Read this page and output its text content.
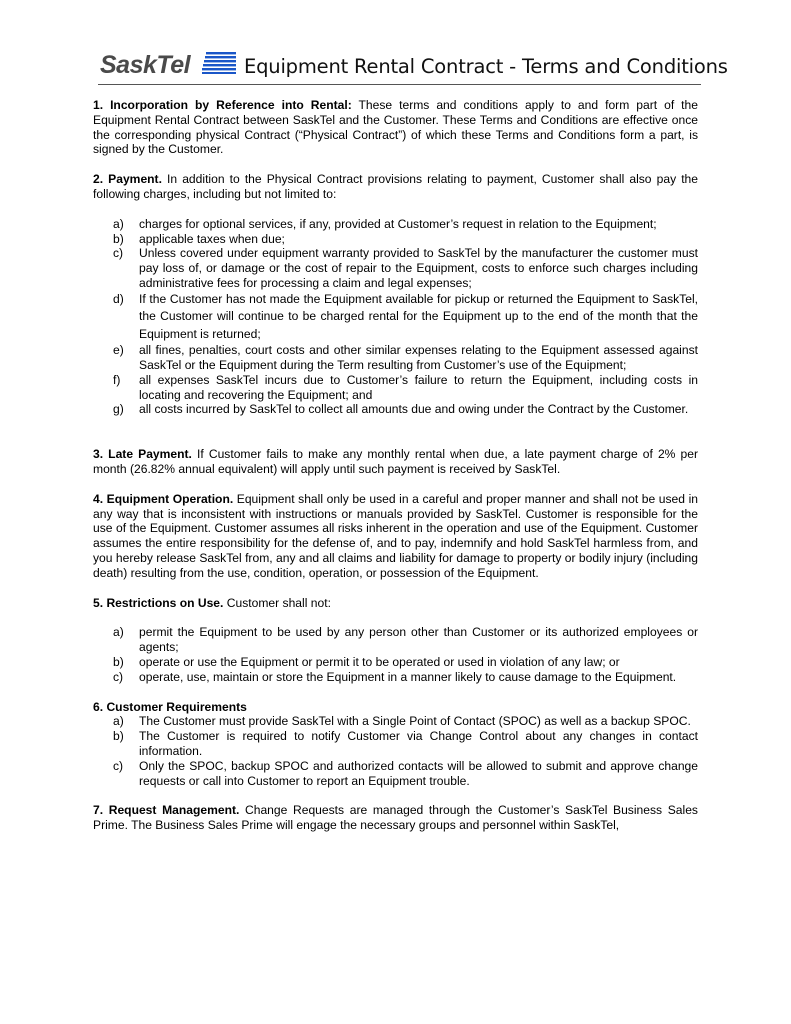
SaskTel	Equipment Rental Contract - Terms and Conditions

1. Incorporation by Reference into Rental: These terms and conditions apply to and form part of the Equipment Rental Contract between SaskTel and the Customer. These Terms and Conditions are effective once the corresponding physical Contract (“Physical Contract”) of which these Terms and Conditions form a part, is signed by the Customer.

2. Payment. In addition to the Physical Contract provisions relating to payment, Customer shall also pay the following charges, including but not limited to:

a) charges for optional services, if any, provided at Customer’s request in relation to the Equipment;
b) applicable taxes when due;
c) Unless covered under equipment warranty provided to SaskTel by the manufacturer the customer must pay loss of, or damage or the cost of repair to the Equipment, costs to enforce such charges including administrative fees for processing a claim and legal expenses;
d) If the Customer has not made the Equipment available for pickup or returned the Equipment to SaskTel, the Customer will continue to be charged rental for the Equipment up to the end of the month that the Equipment is returned;
e) all fines, penalties, court costs and other similar expenses relating to the Equipment assessed against SaskTel or the Equipment during the Term resulting from Customer’s use of the Equipment;
f) all expenses SaskTel incurs due to Customer’s failure to return the Equipment, including costs in locating and recovering the Equipment; and
g) all costs incurred by SaskTel to collect all amounts due and owing under the Contract by the Customer.

3. Late Payment. If Customer fails to make any monthly rental when due, a late payment charge of 2% per month (26.82% annual equivalent) will apply until such payment is received by SaskTel.

4. Equipment Operation. Equipment shall only be used in a careful and proper manner and shall not be used in any way that is inconsistent with instructions or manuals provided by SaskTel. Customer is responsible for the use of the Equipment. Customer assumes all risks inherent in the operation and use of the Equipment. Customer assumes the entire responsibility for the defense of, and to pay, indemnify and hold SaskTel harmless from, and you hereby release SaskTel from, any and all claims and liability for damage to property or bodily injury (including death) resulting from the use, condition, operation, or possession of the Equipment.

5. Restrictions on Use. Customer shall not:

a) permit the Equipment to be used by any person other than Customer or its authorized employees or agents;
b) operate or use the Equipment or permit it to be operated or used in violation of any law; or
c) operate, use, maintain or store the Equipment in a manner likely to cause damage to the Equipment.

6. Customer Requirements

a) The Customer must provide SaskTel with a Single Point of Contact (SPOC) as well as a backup SPOC.
b) The Customer is required to notify Customer via Change Control about any changes in contact information.
c) Only the SPOC, backup SPOC and authorized contacts will be allowed to submit and approve change requests or call into Customer to report an Equipment trouble.

7. Request Management. Change Requests are managed through the Customer’s SaskTel Business Sales Prime. The Business Sales Prime will engage the necessary groups and personnel within SaskTel,
